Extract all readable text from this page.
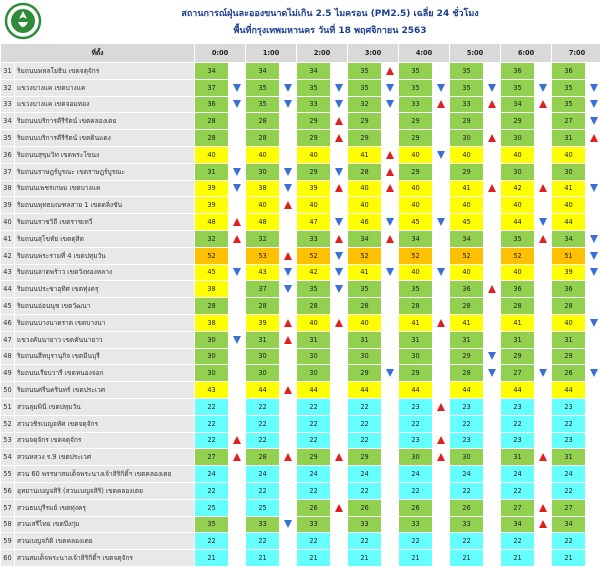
สถานการณ์ฝุ่นละอองขนาดไม่เกิน 2.5 ไมครอน (PM2.5) เฉลี่ย 24 ชั่วโมง
พื้นที่กรุงเทพมหานคร วันที่ 18 พฤศจิกายน 2563
ที่ตั้ง		0:00		1:00		2:00		3:00		4:00		5:00		6:00		7:00	
31	ริมถนนพหลโยธิน เขตจตุจักร	34		34		34		35		35		35		36		36	
32	แขวงบางแค เขตบางแค	37		35		35		35		35		35		35		35	
33	แขวงบางแค เขตจอมทอง	36		35		33		32		33		33		34		35	
34	ริมถนนบริการคีรีรัตน์ เขตคลองเตย	28		28		29		29		29		29		29		27	
35	ริมถนนบริการคีรีรัตน์ เขตดินแดง	28		28		29		29		29		30		30		31	
36	ริมถนนสุขุมวิท เขตพระโขนง	40		40		40		41		40		40		40		40	
37	ริมถนนราษฎร์บูรณะ เขตราษฎร์บูรณะ	31		30		29		28		29		29		30		30	
38	ริมถนนเพชรเกษม เขตบางแค	39		38		39		40		40		41		42		41	
39	ริมถนนพุทธมณฑลสาย 1 เขตตลิ่งชัน	39		40		40		40		40		40		40		40	
40	ริมถนนราชวิถี เขตราชเทวี	48		48		47		46		45		45		44		44	
41	ริมถนนสุโขทัย เขตดุสิต	32		32		33		34		34		34		35		34	
42	ริมถนนพระรามที่ 4 เขตปทุมวัน	52		53		52		52		52		52		52		51	
43	ริมถนนลาดพร้าว เขตวังทองหลาง	45		43		42		41		40		40		40		39	
44	ริมถนนประชาอุทิศ เขตทุ่งครุ	38		37		35		35		35		36		36		36	
45	ริมถนนอ่อนนุช เขตวัฒนา	28		28		28		28		28		28		28		28	
46	ริมถนนบางนาตราด เขตบางนา	38		39		40		40		41		41		41		40	
47	แขวงคันนายาว เขตคันนายาว	30		31		31		31		31		31		31		31	
48	ริมถนนสีหบุรานุกิจ เขตมีนบุรี	30		30		30		30		30		29		29		29	
49	ริมถนนเรียบวารี เขตหนองจอก	30		30		30		29		29		28		27		26	
50	ริมถนนศรีนครินทร์ เขตประเวศ	43		44		44		44		44		44		44		44	
51	สวนลุมพินี เขตปทุมวัน	22		22		22		22		23		23		23		23	
52	สวนวชิรเบญจทัศ เขตจตุจักร	22		22		22		22		22		22		22		22	
53	สวนจตุจักร เขตจตุจักร	22		22		22		22		23		23		23		23	
54	สวนหลวง ร.9 เขตประเวศ	27		28		29		29		30		30		31		31	
55	สวน 60 พรรษาสมเด็จพระนางเจ้าสิริกิติ์ฯ เขตคลองเตย	24		24		24		24		24		24		24		24	
56	อุทยานเบญจสิริ (สวนเบญจสิริ) เขตคลองเตย	22		22		22		22		22		22		22		22	
57	สวนธนบุรีรมย์ เขตทุ่งครุ	25		25		26		26		26		26		27		27	
58	สวนเสรีไทย เขตบึงกุ่ม	35		33		33		33		33		33		34		34	
59	สวนเบญจกิติ เขตคลองเตย	22		22		22		22		22		22		22		22	
60	สวนสมเด็จพระนางเจ้าสิริกิติ์ฯ เขตจตุจักร	21		21		21		21		21		21		21		21	
